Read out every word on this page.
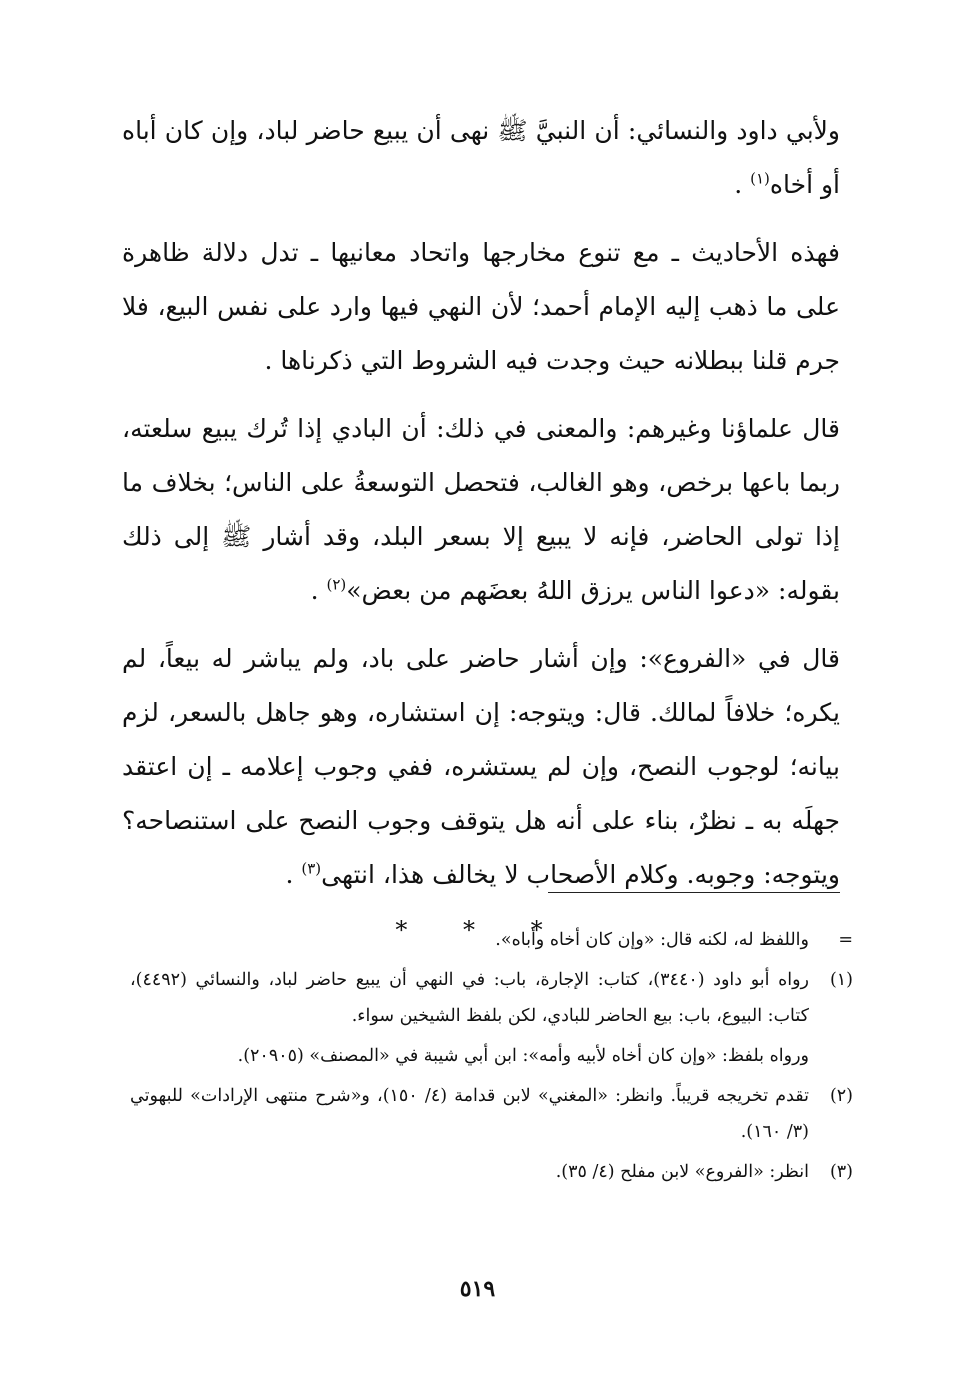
ولأبي داود والنسائي: أن النبيَّ ﷺ نهى أن يبيع حاضر لباد، وإن كان أباه أو أخاه$^{(١)}$ .

فهذه الأحاديث ـ مع تنوع مخارجها واتحاد معانيها ـ تدل دلالة ظاهرة على ما ذهب إليه الإمام أحمد؛ لأن النهي فيها وارد على نفس البيع، فلا جرم قلنا ببطلانه حيث وجدت فيه الشروط التي ذكرناها .

قال علماؤنا وغيرهم: والمعنى في ذلك: أن البادي إذا تُرك يبيع سلعته، ربما باعها برخص، وهو الغالب، فتحصل التوسعةُ على الناس؛ بخلاف ما إذا تولى الحاضر، فإنه لا يبيع إلا بسعر البلد، وقد أشار ﷺ إلى ذلك بقوله: «دعوا الناس يرزق اللهُ بعضَهم من بعض»$^{(٢)}$ .

قال في «الفروع»: وإن أشار حاضر على باد، ولم يباشر له بيعاً، لم يكره؛ خلافاً لمالك. قال: ويتوجه: إن استشاره، وهو جاهل بالسعر، لزم بيانه؛ لوجوب النصح، وإن لم يستشره، ففي وجوب إعلامه ـ إن اعتقد جهلَه به ـ نظرٌ، بناء على أنه هل يتوقف وجوب النصح على استنصاحه؟ ويتوجه: وجوبه. وكلام الأصحاب لا يخالف هذا، انتهى$^{(٣)}$ .

* * *	=
واللفظ له، لكنه قال: «وإن كان أخاه وأباه».
(١)
رواه أبو داود (٣٤٤٠)، كتاب: الإجارة، باب: في النهي أن يبيع حاضر لباد، والنسائي (٤٤٩٢)، كتاب: البيوع، باب: بيع الحاضر للبادي، لكن بلفظ الشيخين سواء.
ورواه بلفظ: «وإن كان أخاه لأبيه وأمه»: ابن أبي شيبة في «المصنف» (٢٠٩٠٥).
(٢)
تقدم تخريجه قريباً. وانظر: «المغني» لابن قدامة (٤/ ١٥٠)، و«شرح منتهى الإرادات» للبهوتي (٣/ ١٦٠).
(٣)
انظر: «الفروع» لابن مفلح (٤/ ٣٥).
٥١٩
